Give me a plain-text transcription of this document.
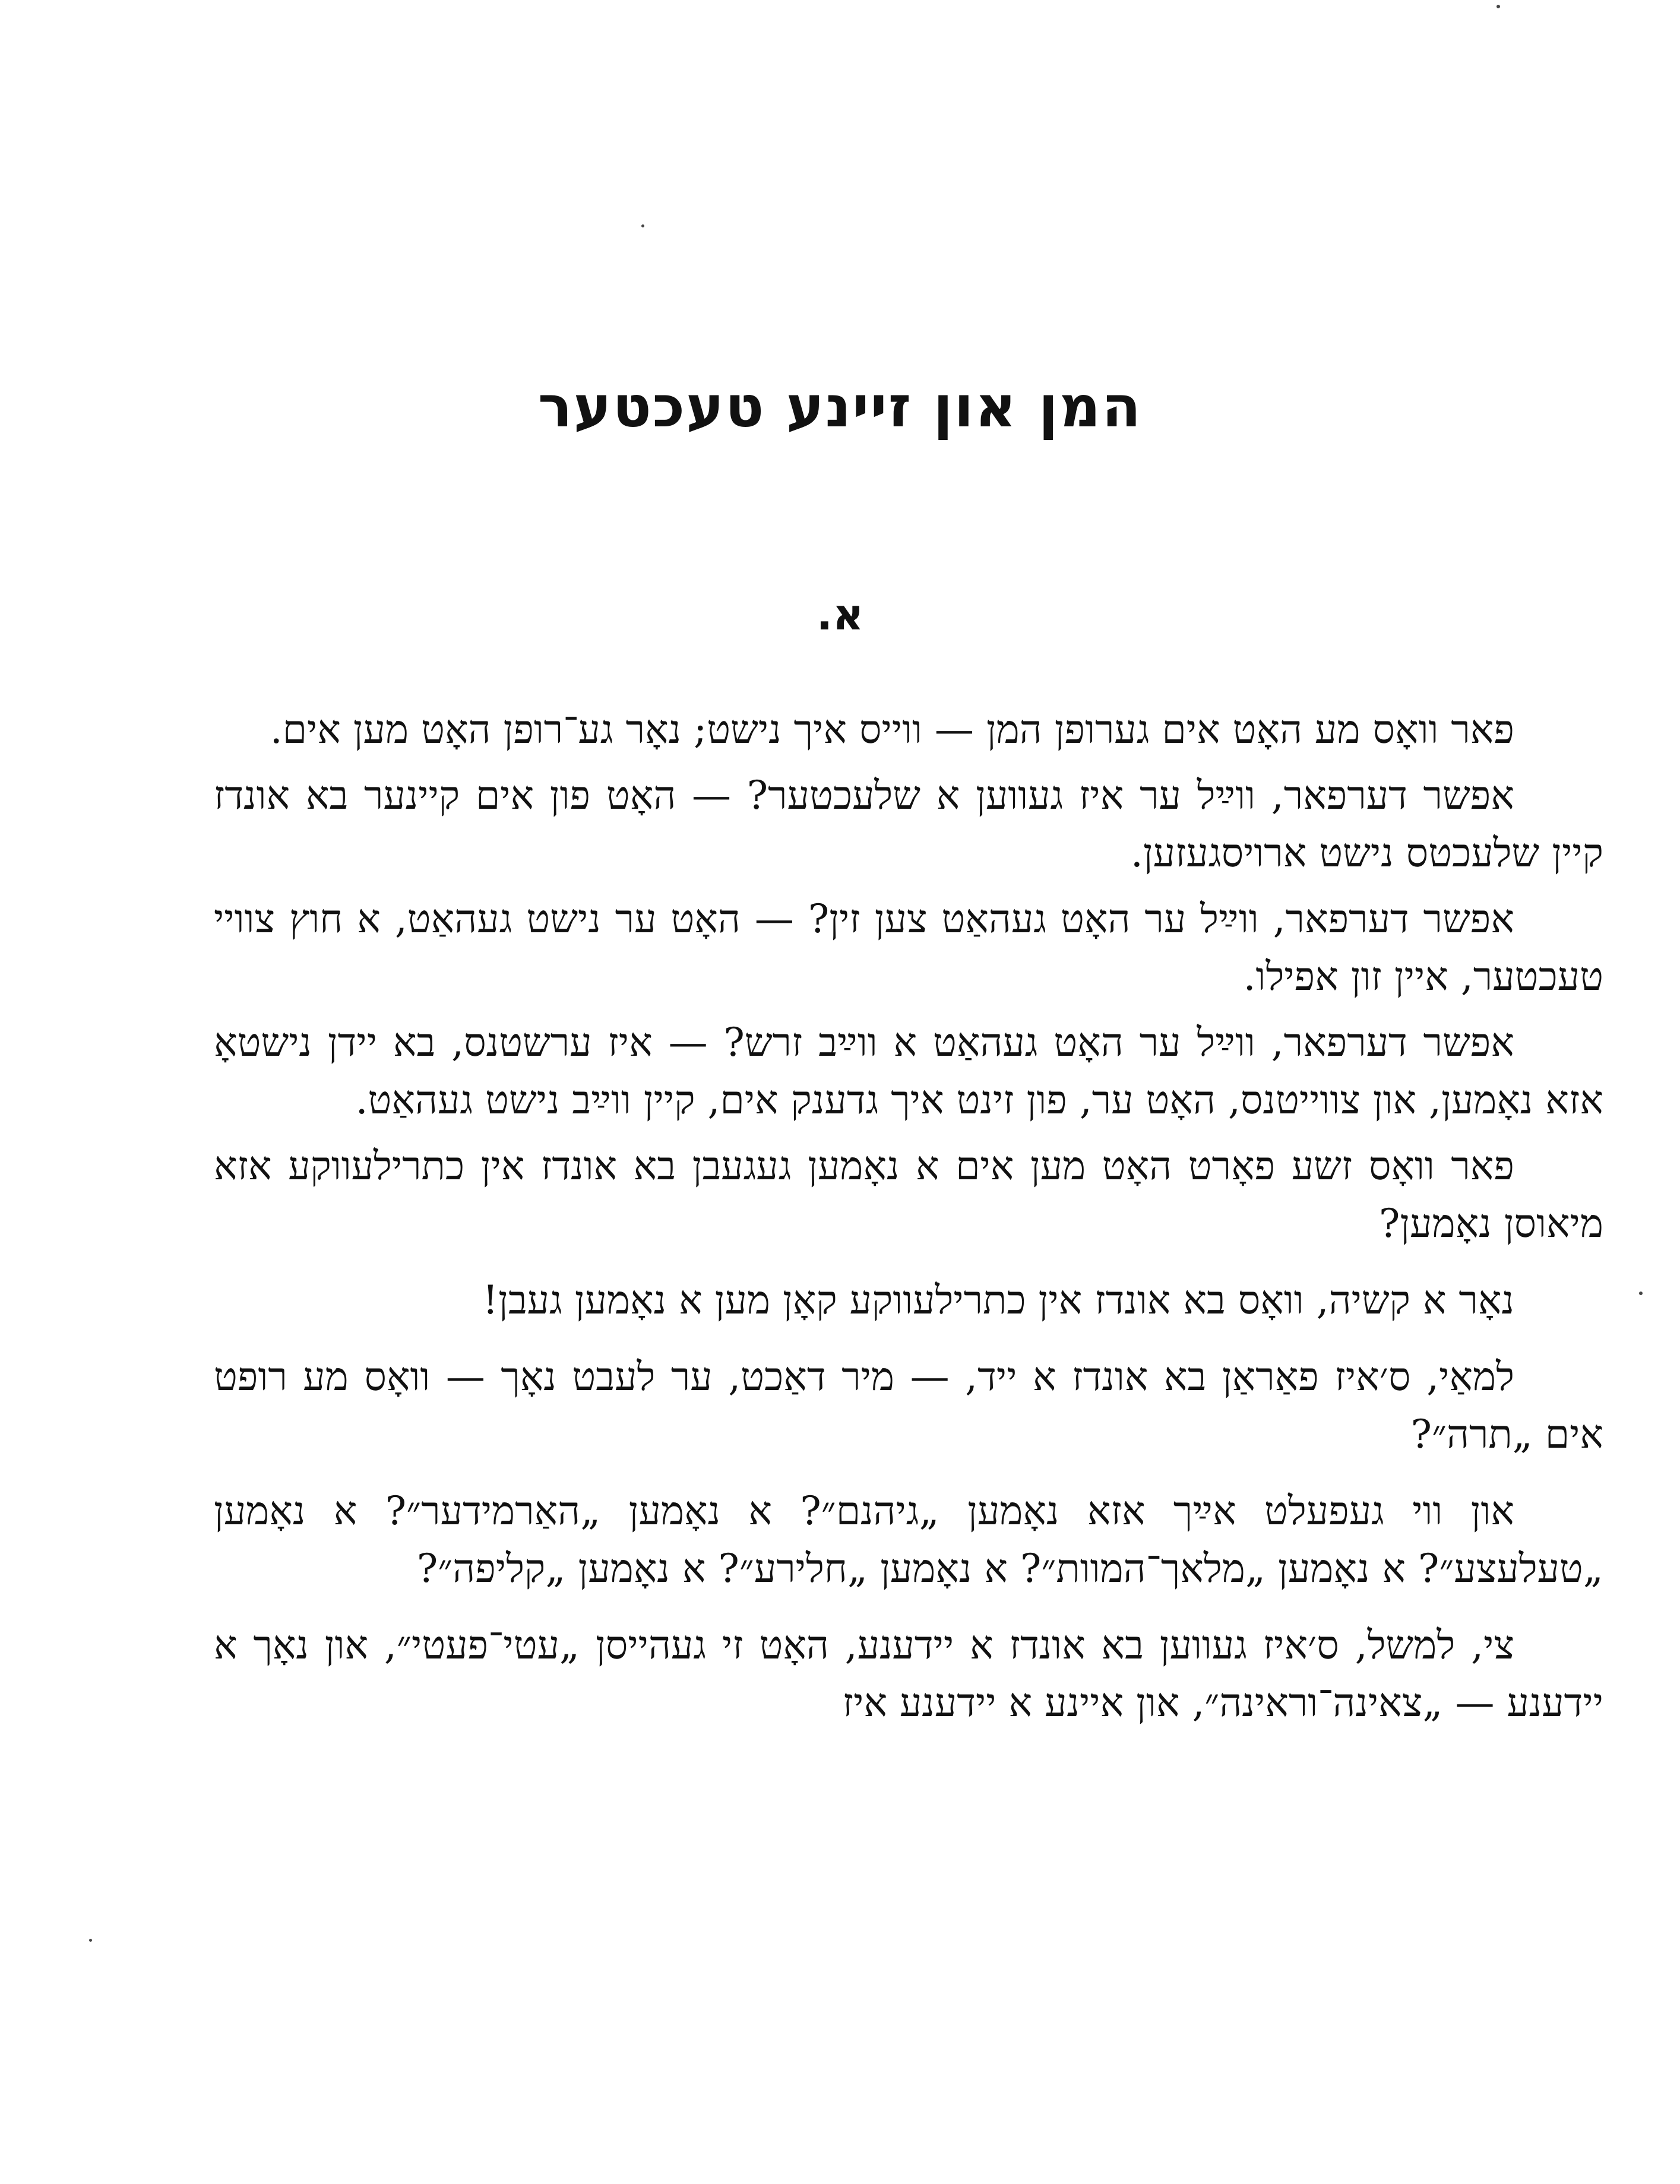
המן און זיינע טעכטער
א.

פאר וואָס מע האָט אים גערופן המן — ווייס איך נישט; נאָר גע־רופן האָט מען אים.

אפשר דערפאר, ווײַל ער איז געווען א שלעכטער? — האָט פון אים קיינער בא אונדז קיין שלעכטס נישט ארויסגעזען.

אפשר דערפאר, ווײַל ער האָט געהאַט צען זין? — האָט ער נישט געהאַט, א חוץ צוויי טעכטער, איין זון אפילו.

אפשר דערפאר, ווײַל ער האָט געהאַט א ווײַב זרש? — איז ערשטנס, בא יידן נישטאָ אזא נאָמען, און צווייטנס, האָט ער, פון זינט איך גדענק אים, קיין ווײַב נישט געהאַט.

פאר וואָס זשע פאָרט האָט מען אים א נאָמען געגעבן בא אונדז אין כתרילעווקע אזא מיאוסן נאָמען?

נאָר א קשיה, וואָס בא אונדז אין כתרילעווקע קאָן מען א נאָמען געבן!

למאַי, ס׳איז פאַראַן בא אונדז א ייד, — מיר דאַכט, ער לעבט נאָך — וואָס מע רופט אים „תרה״?

און ווי געפעלט אײַך אזא נאָמען „גיהנם״? א נאָמען „האַרמידער״? א נאָמען „טעלעצע״? א נאָמען „מלאך־המוות״? א נאָמען „חלירע״? א נאָמען „קליפה״?

צי, למשל, ס׳איז געווען בא אונדז א יידענע, האָט זי געהייסן „עטי־פעטי״, און נאָך א יידענע — „צאינה־וראינה״, און איינע א יידענע איז
